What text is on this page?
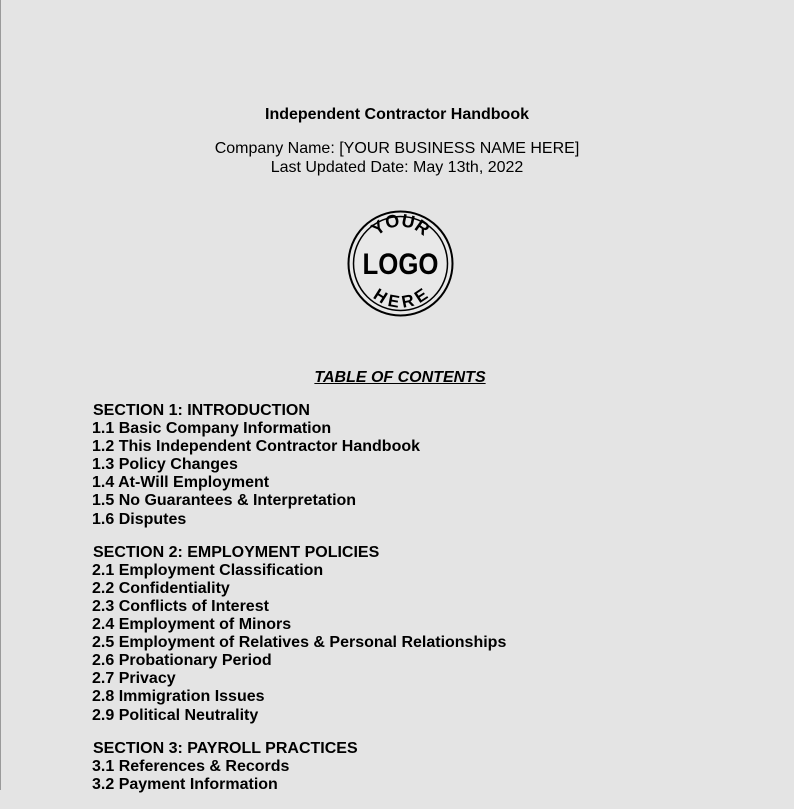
Independent Contractor Handbook
Company Name: [YOUR BUSINESS NAME HERE]
Last Updated Date: May 13th, 2022
YOUR
LOGO
HERE
TABLE OF CONTENTS
SECTION 1: INTRODUCTION
1.1 Basic Company Information
1.2 This Independent Contractor Handbook
1.3 Policy Changes
1.4 At-Will Employment
1.5 No Guarantees & Interpretation
1.6 Disputes
SECTION 2: EMPLOYMENT POLICIES
2.1 Employment Classification
2.2 Confidentiality
2.3 Conflicts of Interest
2.4 Employment of Minors
2.5 Employment of Relatives & Personal Relationships
2.6 Probationary Period
2.7 Privacy
2.8 Immigration Issues
2.9 Political Neutrality
SECTION 3: PAYROLL PRACTICES
3.1 References & Records
3.2 Payment Information
